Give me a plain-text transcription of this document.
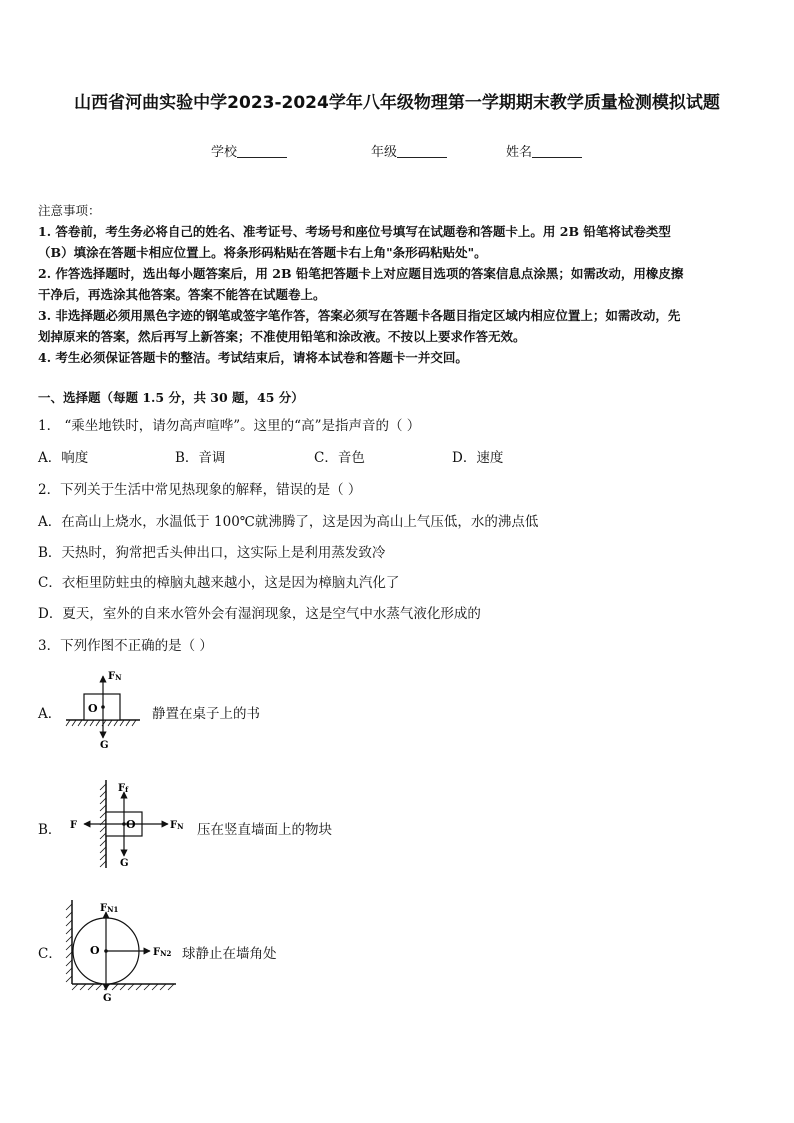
山西省河曲实验中学2023-2024学年八年级物理第一学期期末教学质量检测模拟试题
学校	年级	姓名

注意事项：

1. 答卷前，考生务必将自己的姓名、准考证号、考场号和座位号填写在试题卷和答题卡上。用 2B 铅笔将试卷类型

（B）填涂在答题卡相应位置上。将条形码粘贴在答题卡右上角"条形码粘贴处"。

2. 作答选择题时，选出每小题答案后，用 2B 铅笔把答题卡上对应题目选项的答案信息点涂黑；如需改动，用橡皮擦

干净后，再选涂其他答案。答案不能答在试题卷上。

3. 非选择题必须用黑色字迹的钢笔或签字笔作答，答案必须写在答题卡各题目指定区域内相应位置上；如需改动，先

划掉原来的答案，然后再写上新答案；不准使用铅笔和涂改液。不按以上要求作答无效。

4. 考生必须保证答题卡的整洁。考试结束后，请将本试卷和答题卡一并交回。

一、选择题（每题 1.5 分，共 30 题，45 分）
1． “乘坐地铁时，请勿高声喧哗”。这里的“高”是指声音的（ ）
A．响度	B．音调	C．音色	D．速度
2．下列关于生活中常见热现象的解释，错误的是（ ）
A．在高山上烧水，水温低于 100℃就沸腾了，这是因为高山上气压低，水的沸点低
B．天热时，狗常把舌头伸出口，这实际上是利用蒸发致冷
C．衣柜里防蛀虫的樟脑丸越来越小，这是因为樟脑丸汽化了
D．夏天，室外的自来水管外会有湿润现象，这是空气中水蒸气液化形成的
3．下列作图不正确的是（ ）
A． O
FN
G
静置在桌子上的书
B．	O
Ff
F	FN
G
压在竖直墙面上的物块
C．	O
FN1
FN2
G
球静止在墙角处
